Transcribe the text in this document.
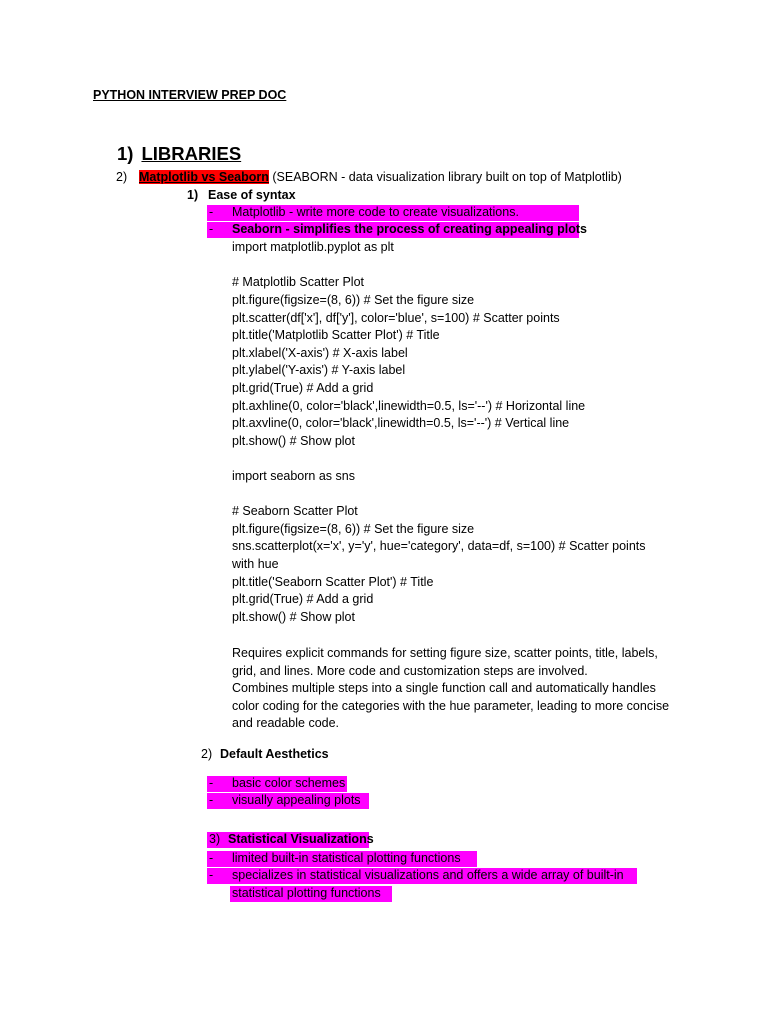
PYTHON INTERVIEW PREP DOC
1) LIBRARIES
2) Matplotlib vs Seaborn (SEABORN - data visualization library built on top of Matplotlib)
1) Ease of syntax
- Matplotlib - write more code to create visualizations.
- Seaborn - simplifies the process of creating appealing plots
import matplotlib.pyplot as plt
# Matplotlib Scatter Plot
plt.figure(figsize=(8, 6)) # Set the figure size
plt.scatter(df['x'], df['y'], color='blue', s=100) # Scatter points
plt.title('Matplotlib Scatter Plot') # Title
plt.xlabel('X-axis') # X-axis label
plt.ylabel('Y-axis') # Y-axis label
plt.grid(True) # Add a grid
plt.axhline(0, color='black',linewidth=0.5, ls='--') # Horizontal line
plt.axvline(0, color='black',linewidth=0.5, ls='--') # Vertical line
plt.show() # Show plot
import seaborn as sns
# Seaborn Scatter Plot
plt.figure(figsize=(8, 6)) # Set the figure size
sns.scatterplot(x='x', y='y', hue='category', data=df, s=100) # Scatter points
with hue
plt.title('Seaborn Scatter Plot') # Title
plt.grid(True) # Add a grid
plt.show() # Show plot
Requires explicit commands for setting figure size, scatter points, title, labels, grid, and lines. More code and customization steps are involved.
Combines multiple steps into a single function call and automatically handles color coding for the categories with the hue parameter, leading to more concise and readable code.
2) Default Aesthetics
- basic color schemes
- visually appealing plots
3) Statistical Visualizations
- limited built-in statistical plotting functions
- specializes in statistical visualizations and offers a wide array of built-in
statistical plotting functions
